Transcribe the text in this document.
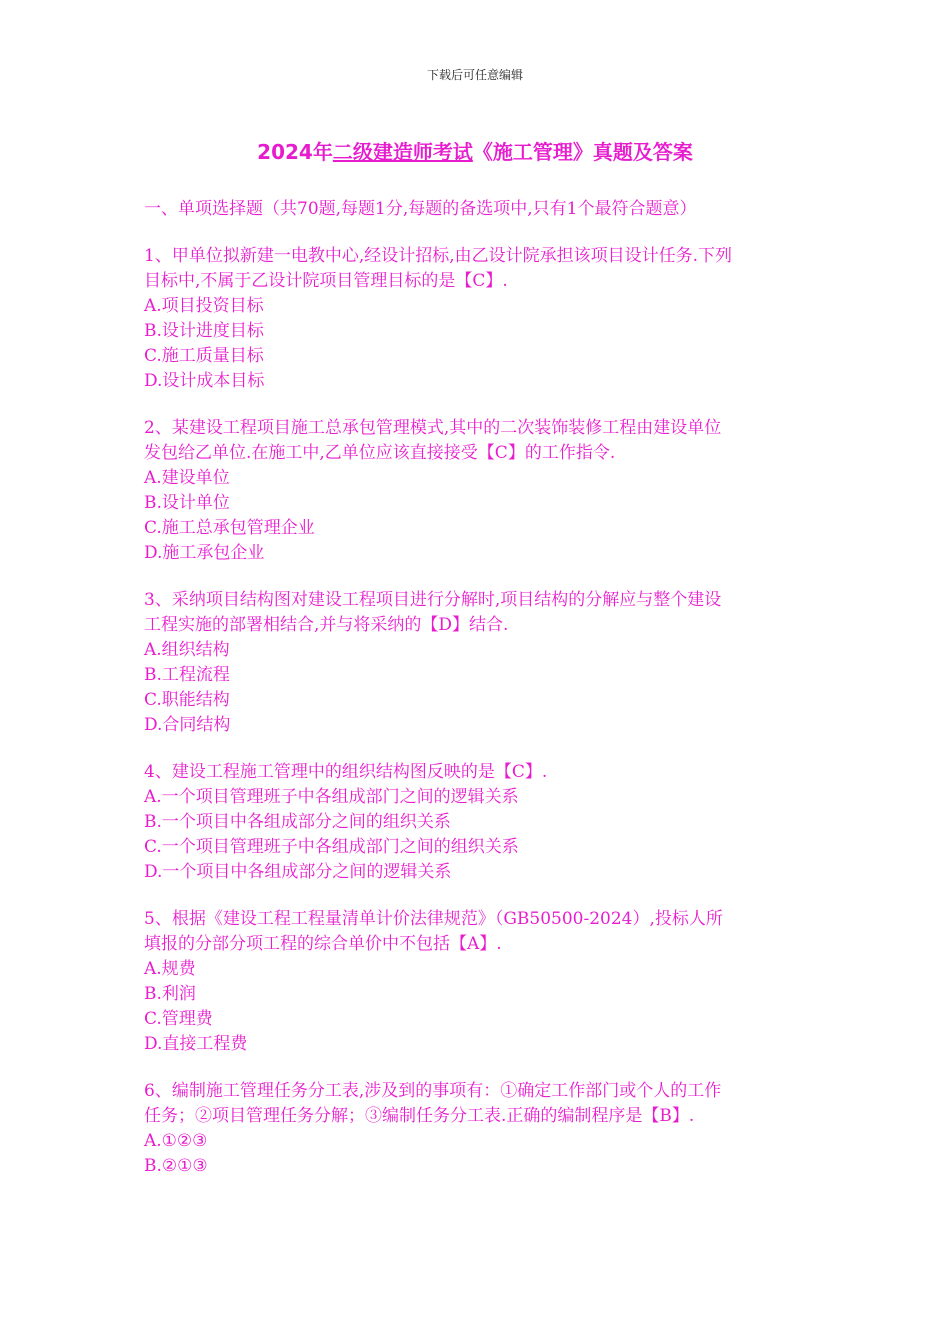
下载后可任意编辑
2024年二级建造师考试《施工管理》真题及答案
一、单项选择题（共70题,每题1分,每题的备选项中,只有1个最符合题意）
1、甲单位拟新建一电教中心,经设计招标,由乙设计院承担该项目设计任务.下列
目标中,不属于乙设计院项目管理目标的是【C】.
A.项目投资目标
B.设计进度目标
C.施工质量目标
D.设计成本目标
2、某建设工程项目施工总承包管理模式,其中的二次装饰装修工程由建设单位
发包给乙单位.在施工中,乙单位应该直接接受【C】的工作指令.
A.建设单位
B.设计单位
C.施工总承包管理企业
D.施工承包企业
3、采纳项目结构图对建设工程项目进行分解时,项目结构的分解应与整个建设
工程实施的部署相结合,并与将采纳的【D】结合.
A.组织结构
B.工程流程
C.职能结构
D.合同结构
4、建设工程施工管理中的组织结构图反映的是【C】.
A.一个项目管理班子中各组成部门之间的逻辑关系
B.一个项目中各组成部分之间的组织关系
C.一个项目管理班子中各组成部门之间的组织关系
D.一个项目中各组成部分之间的逻辑关系
5、根据《建设工程工程量清单计价法律规范》（GB50500-2024）,投标人所
填报的分部分项工程的综合单价中不包括【A】.
A.规费
B.利润
C.管理费
D.直接工程费
6、编制施工管理任务分工表,涉及到的事项有：①确定工作部门或个人的工作
任务；②项目管理任务分解；③编制任务分工表.正确的编制程序是【B】.
A.①②③
B.②①③
